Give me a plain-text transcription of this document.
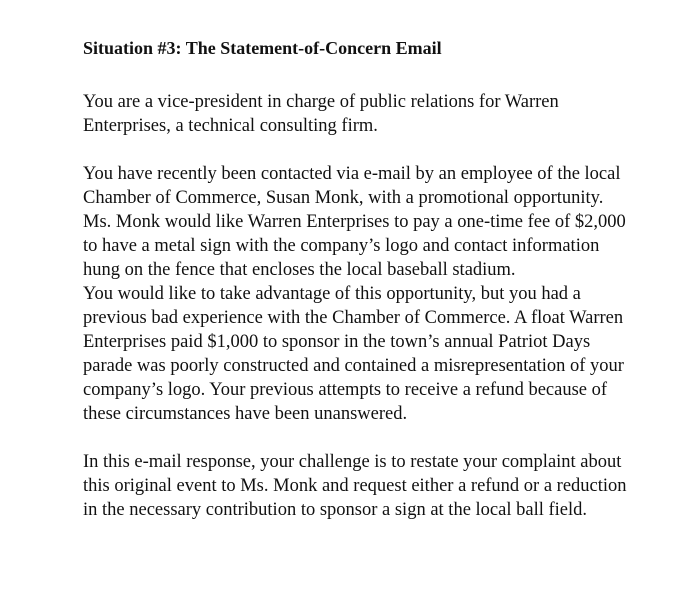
Situation #3: The Statement-of-Concern Email

You are a vice-president in charge of public relations for Warren Enterprises, a technical consulting firm.

You have recently been contacted via e-mail by an employee of the local Chamber of Commerce, Susan Monk, with a promotional opportunity. Ms. Monk would like Warren Enterprises to pay a one-time fee of $2,000 to have a metal sign with the company’s logo and contact information hung on the fence that encloses the local baseball stadium.

You would like to take advantage of this opportunity, but you had a previous bad experience with the Chamber of Commerce. A float Warren Enterprises paid $1,000 to sponsor in the town’s annual Patriot Days parade was poorly constructed and contained a misrepresentation of your company’s logo. Your previous attempts to receive a refund because of these circumstances have been unanswered.

In this e-mail response, your challenge is to restate your complaint about this original event to Ms. Monk and request either a refund or a reduction in the necessary contribution to sponsor a sign at the local ball field.
